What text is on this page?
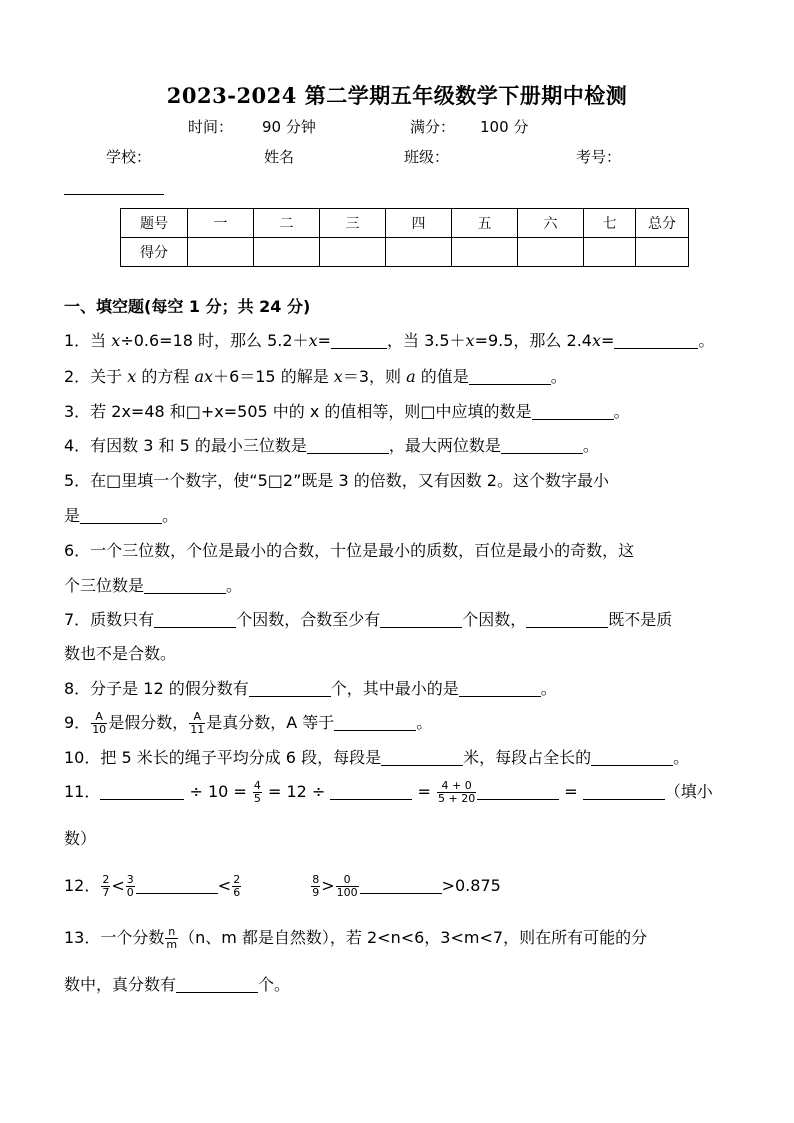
2023-2024 第二学期五年级数学下册期中检测
时间： 90 分钟	满分： 100 分
学校：	姓名	班级：	考号：
题号	一	二	三	四	五	六	七	总分
得分								
一、填空题(每空 1 分；共 24 分)
1．当 x÷0.6=18 时，那么 5.2＋x=	，当 3.5＋x=9.5，那么 2.4x=	。
2．关于 x 的方程 ax＋6＝15 的解是 x＝3，则 a 的值是	。
3．若 2x=48 和□+x=505 中的 x 的值相等，则□中应填的数是	。
4．有因数 3 和 5 的最小三位数是	，最大两位数是	。
5．在□里填一个数字，使“5□2”既是 3 的倍数，又有因数 2。这个数字最小
是	。
6．一个三位数，个位是最小的合数，十位是最小的质数，百位是最小的奇数，这
个三位数是	。
7．质数只有	个因数，合数至少有	个因数，	既不是质
数也不是合数。
8．分子是 12 的假分数有	个，其中最小的是	。
9． $\frac{A}{10}$ 是假分数， $\frac{A}{11}$ 是真分数，A 等于	。
10．把 5 米长的绳子平均分成 6 段，每段是	米，每段占全长的	。
11．	÷ $10 = \frac{4}{5} = 12$ ÷	= $\frac{4 + 0}{5 + 20}$	=	（填小
数）
12． $\frac{2}{7} < \frac{3}{0}$	< $\frac{2}{6}$	$\frac{8}{9} > \frac{0}{100}$	>0.875
13．一个分数 $\frac{n}{m} (n$、m 都是自然数），若 2<n<6，3<m<7，则在所有可能的分
数中，真分数有	个。
